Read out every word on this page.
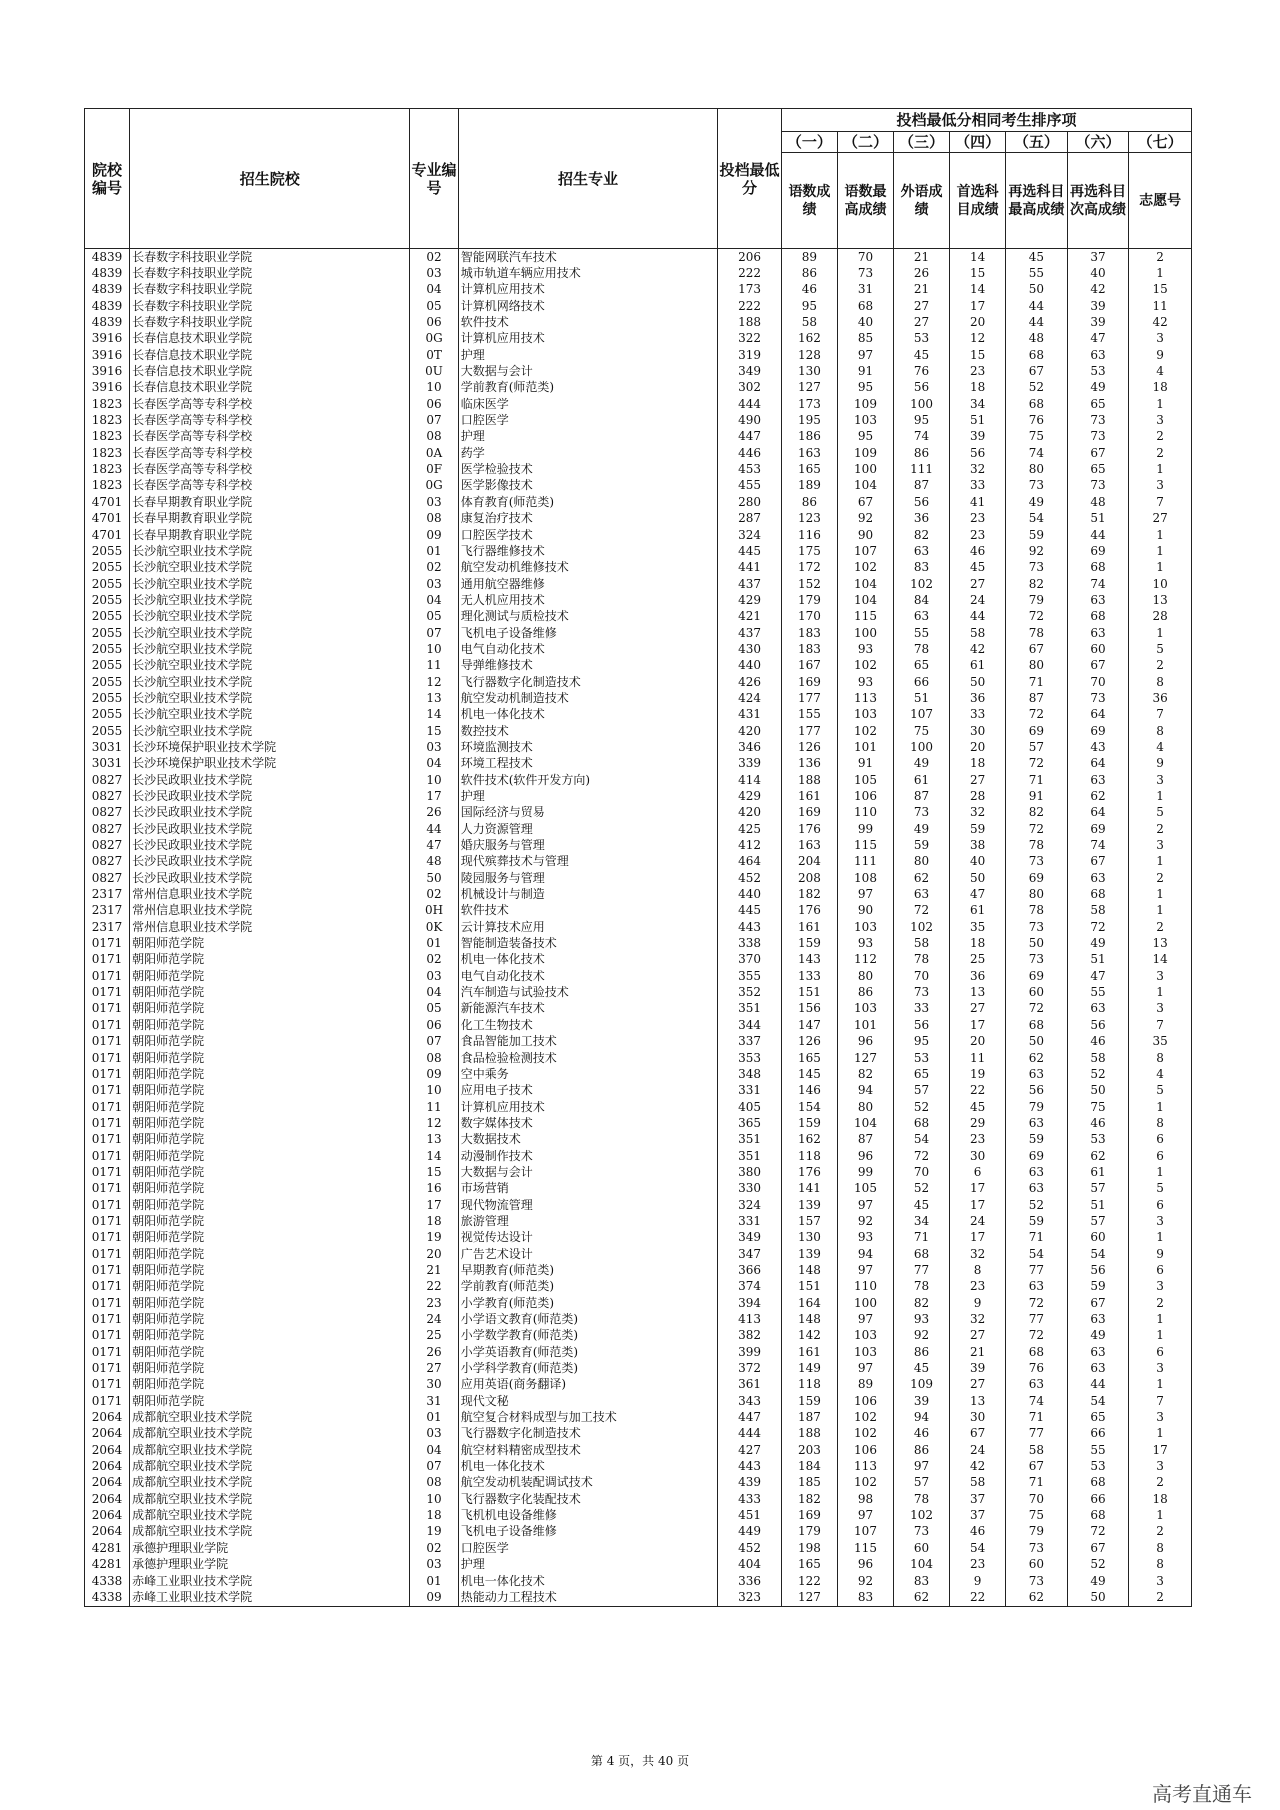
院校编号	招生院校	专业编号	招生专业	投档最低分	投档最低分相同考生排序项						
					（一）	（二）	（三）	（四）	（五）	（六）	（七）
					语数成绩	语数最高成绩	外语成绩	首选科目成绩	再选科目最高成绩	再选科目次高成绩	志愿号
4839	长春数字科技职业学院	02	智能网联汽车技术	206	89	70	21	14	45	37	2
4839	长春数字科技职业学院	03	城市轨道车辆应用技术	222	86	73	26	15	55	40	1
4839	长春数字科技职业学院	04	计算机应用技术	173	46	31	21	14	50	42	15
4839	长春数字科技职业学院	05	计算机网络技术	222	95	68	27	17	44	39	11
4839	长春数字科技职业学院	06	软件技术	188	58	40	27	20	44	39	42
3916	长春信息技术职业学院	0G	计算机应用技术	322	162	85	53	12	48	47	3
3916	长春信息技术职业学院	0T	护理	319	128	97	45	15	68	63	9
3916	长春信息技术职业学院	0U	大数据与会计	349	130	91	76	23	67	53	4
3916	长春信息技术职业学院	10	学前教育(师范类)	302	127	95	56	18	52	49	18
1823	长春医学高等专科学校	06	临床医学	444	173	109	100	34	68	65	1
1823	长春医学高等专科学校	07	口腔医学	490	195	103	95	51	76	73	3
1823	长春医学高等专科学校	08	护理	447	186	95	74	39	75	73	2
1823	长春医学高等专科学校	0A	药学	446	163	109	86	56	74	67	2
1823	长春医学高等专科学校	0F	医学检验技术	453	165	100	111	32	80	65	1
1823	长春医学高等专科学校	0G	医学影像技术	455	189	104	87	33	73	73	3
4701	长春早期教育职业学院	03	体育教育(师范类)	280	86	67	56	41	49	48	7
4701	长春早期教育职业学院	08	康复治疗技术	287	123	92	36	23	54	51	27
4701	长春早期教育职业学院	09	口腔医学技术	324	116	90	82	23	59	44	1
2055	长沙航空职业技术学院	01	飞行器维修技术	445	175	107	63	46	92	69	1
2055	长沙航空职业技术学院	02	航空发动机维修技术	441	172	102	83	45	73	68	1
2055	长沙航空职业技术学院	03	通用航空器维修	437	152	104	102	27	82	74	10
2055	长沙航空职业技术学院	04	无人机应用技术	429	179	104	84	24	79	63	13
2055	长沙航空职业技术学院	05	理化测试与质检技术	421	170	115	63	44	72	68	28
2055	长沙航空职业技术学院	07	飞机电子设备维修	437	183	100	55	58	78	63	1
2055	长沙航空职业技术学院	10	电气自动化技术	430	183	93	78	42	67	60	5
2055	长沙航空职业技术学院	11	导弹维修技术	440	167	102	65	61	80	67	2
2055	长沙航空职业技术学院	12	飞行器数字化制造技术	426	169	93	66	50	71	70	8
2055	长沙航空职业技术学院	13	航空发动机制造技术	424	177	113	51	36	87	73	36
2055	长沙航空职业技术学院	14	机电一体化技术	431	155	103	107	33	72	64	7
2055	长沙航空职业技术学院	15	数控技术	420	177	102	75	30	69	69	8
3031	长沙环境保护职业技术学院	03	环境监测技术	346	126	101	100	20	57	43	4
3031	长沙环境保护职业技术学院	04	环境工程技术	339	136	91	49	18	72	64	9
0827	长沙民政职业技术学院	10	软件技术(软件开发方向)	414	188	105	61	27	71	63	3
0827	长沙民政职业技术学院	17	护理	429	161	106	87	28	91	62	1
0827	长沙民政职业技术学院	26	国际经济与贸易	420	169	110	73	32	82	64	5
0827	长沙民政职业技术学院	44	人力资源管理	425	176	99	49	59	72	69	2
0827	长沙民政职业技术学院	47	婚庆服务与管理	412	163	115	59	38	78	74	3
0827	长沙民政职业技术学院	48	现代殡葬技术与管理	464	204	111	80	40	73	67	1
0827	长沙民政职业技术学院	50	陵园服务与管理	452	208	108	62	50	69	63	2
2317	常州信息职业技术学院	02	机械设计与制造	440	182	97	63	47	80	68	1
2317	常州信息职业技术学院	0H	软件技术	445	176	90	72	61	78	58	1
2317	常州信息职业技术学院	0K	云计算技术应用	443	161	103	102	35	73	72	2
0171	朝阳师范学院	01	智能制造装备技术	338	159	93	58	18	50	49	13
0171	朝阳师范学院	02	机电一体化技术	370	143	112	78	25	73	51	14
0171	朝阳师范学院	03	电气自动化技术	355	133	80	70	36	69	47	3
0171	朝阳师范学院	04	汽车制造与试验技术	352	151	86	73	13	60	55	1
0171	朝阳师范学院	05	新能源汽车技术	351	156	103	33	27	72	63	3
0171	朝阳师范学院	06	化工生物技术	344	147	101	56	17	68	56	7
0171	朝阳师范学院	07	食品智能加工技术	337	126	96	95	20	50	46	35
0171	朝阳师范学院	08	食品检验检测技术	353	165	127	53	11	62	58	8
0171	朝阳师范学院	09	空中乘务	348	145	82	65	19	63	52	4
0171	朝阳师范学院	10	应用电子技术	331	146	94	57	22	56	50	5
0171	朝阳师范学院	11	计算机应用技术	405	154	80	52	45	79	75	1
0171	朝阳师范学院	12	数字媒体技术	365	159	104	68	29	63	46	8
0171	朝阳师范学院	13	大数据技术	351	162	87	54	23	59	53	6
0171	朝阳师范学院	14	动漫制作技术	351	118	96	72	30	69	62	6
0171	朝阳师范学院	15	大数据与会计	380	176	99	70	6	63	61	1
0171	朝阳师范学院	16	市场营销	330	141	105	52	17	63	57	5
0171	朝阳师范学院	17	现代物流管理	324	139	97	45	17	52	51	6
0171	朝阳师范学院	18	旅游管理	331	157	92	34	24	59	57	3
0171	朝阳师范学院	19	视觉传达设计	349	130	93	71	17	71	60	1
0171	朝阳师范学院	20	广告艺术设计	347	139	94	68	32	54	54	9
0171	朝阳师范学院	21	早期教育(师范类)	366	148	97	77	8	77	56	6
0171	朝阳师范学院	22	学前教育(师范类)	374	151	110	78	23	63	59	3
0171	朝阳师范学院	23	小学教育(师范类)	394	164	100	82	9	72	67	2
0171	朝阳师范学院	24	小学语文教育(师范类)	413	148	97	93	32	77	63	1
0171	朝阳师范学院	25	小学数学教育(师范类)	382	142	103	92	27	72	49	1
0171	朝阳师范学院	26	小学英语教育(师范类)	399	161	103	86	21	68	63	6
0171	朝阳师范学院	27	小学科学教育(师范类)	372	149	97	45	39	76	63	3
0171	朝阳师范学院	30	应用英语(商务翻译)	361	118	89	109	27	63	44	1
0171	朝阳师范学院	31	现代文秘	343	159	106	39	13	74	54	7
2064	成都航空职业技术学院	01	航空复合材料成型与加工技术	447	187	102	94	30	71	65	3
2064	成都航空职业技术学院	03	飞行器数字化制造技术	444	188	102	46	67	77	66	1
2064	成都航空职业技术学院	04	航空材料精密成型技术	427	203	106	86	24	58	55	17
2064	成都航空职业技术学院	07	机电一体化技术	443	184	113	97	42	67	53	3
2064	成都航空职业技术学院	08	航空发动机装配调试技术	439	185	102	57	58	71	68	2
2064	成都航空职业技术学院	10	飞行器数字化装配技术	433	182	98	78	37	70	66	18
2064	成都航空职业技术学院	18	飞机机电设备维修	451	169	97	102	37	75	68	1
2064	成都航空职业技术学院	19	飞机电子设备维修	449	179	107	73	46	79	72	2
4281	承德护理职业学院	02	口腔医学	452	198	115	60	54	73	67	8
4281	承德护理职业学院	03	护理	404	165	96	104	23	60	52	8
4338	赤峰工业职业技术学院	01	机电一体化技术	336	122	92	83	9	73	49	3
4338	赤峰工业职业技术学院	09	热能动力工程技术	323	127	83	62	22	62	50	2
第 4 页，共 40 页
高考直通车
